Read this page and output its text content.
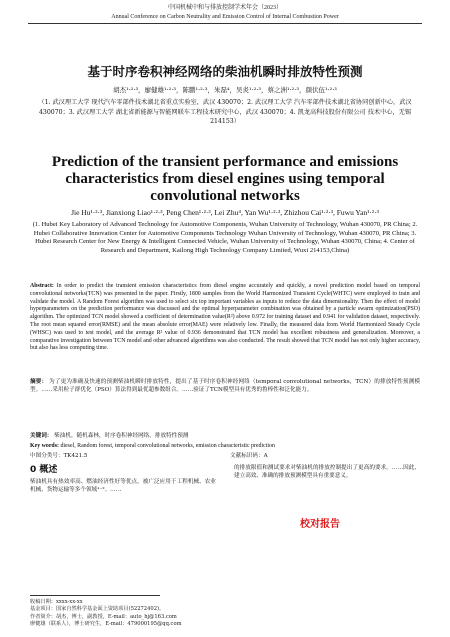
中国机械中和与排放控制学术年会（2023）
Annual Conference on Carbon Neutrality and Emission Control of Internal Combustion Power
基于时序卷积神经网络的柴油机瞬时排放特性预测
胡杰¹·²·³，廖健雄¹·²·³，陈鹏¹·²·³，朱磊⁴，吴炎¹·²·³，蔡之洲¹·²·³，颜伏伍¹·²·³
（1. 武汉理工大学 现代汽车零部件技术湖北省重点实验室，武汉 430070；2. 武汉理工大学 汽车零部件技术湖北省协同创新中心，武汉 430070；3. 武汉理工大学 湖北省新能源与智能网联车工程技术研究中心，武汉 430070；4. 凯龙高科技股份有限公司 技术中心，无锡 214153）
Prediction of the transient performance and emissions characteristics from diesel engines using temporal convolutional networks
Jie Hu¹·²·³, Jianxiong Liao¹·²·³, Peng Chen¹·²·³, Lei Zhu⁴, Yan Wu¹·²·³, Zhizhou Cai¹·²·³, Fuwu Yan¹·²·³
(1. Hubei Key Laboratory of Advanced Technology for Automotive Components, Wuhan University of Technology, Wuhan 430070, PR China; 2. Hubei Collaborative Innovation Center for Automotive Components Technology Wuhan University of Technology, Wuhan 430070, PR China; 3. Hubei Research Center for New Energy & Intelligent Connected Vehicle, Wuhan University of Technology, Wuhan 430070, China; 4. Center of Research and Department, Kailong High Technology Company Limited, Wuxi 214153,China)
Abstract: In order to predict the transient emission characteristics from diesel engine accurately and quickly, a novel prediction model based on temporal convolutional networks(TCN) was presented in the paper. Firstly, 1800 samples from the World Harmonized Transient Cycle(WHTC) were employed to train and validate the model. A Random Forest algorithm was used to select six top important variables as inputs to reduce the data dimensionality. Then the effect of model hyperparameters on the prediction performance was discussed and the optimal hyperparameter combination was obtained by a particle swarm optimization(PSO) algorithm. The optimized TCN model showed a coefficient of determination value(R²) above 0.972 for training dataset and 0.941 for validation dataset, respectively. The root mean squared error(RMSE) and the mean absolute error(MAE) were relatively low. Finally, the measured data from World Harmonized Steady Cycle (WHSC) was used to test model, and the average R² value of 0.936 demonstrated that TCN model has excellent robustness and generalization. Moreover, a comparative investigation between TCN model and other advanced algorithms was also conducted. The result showed that TCN model has not only higher accuracy, but also has less computing time.
摘要： 为了更为准确及快速的预测柴油机瞬时排放特性，提出了基于时序卷积神经网络（temporal convolutional networks，TCN）的排放特性预测模型。……采用粒子群优化（PSO）算法得到最优超参数组合。……验证了TCN模型具有优秀的鲁棒性和泛化能力。
关键词： 柴油机，随机森林，时序卷积神经网络，排放特性预测
Key words: diesel, Random forest, temporal convolutional networks, emission characteristic prediction
中图分类号：TK421.5	文献标识码：A
0 概述
柴油机具有热效率高、燃油经济性好等优点，被广泛应用于工程机械、农业机械、货物运输等多个领域¹⁻²。……
的排放限值和测试要求对柴油机的排放控制提出了更高的要求。……因此，建立高效、准确的排放预测模型具有重要意义。
校对报告
收稿日期：xxxx-xx-xx
基金项目：国家自然科学基金面上资助项目(52272402)。
作者简介：胡杰，博士，副教授，E-mail：auto_hj@163.com
廖健雄（联系人），博士研究生，E-mail：479000195@qq.com
